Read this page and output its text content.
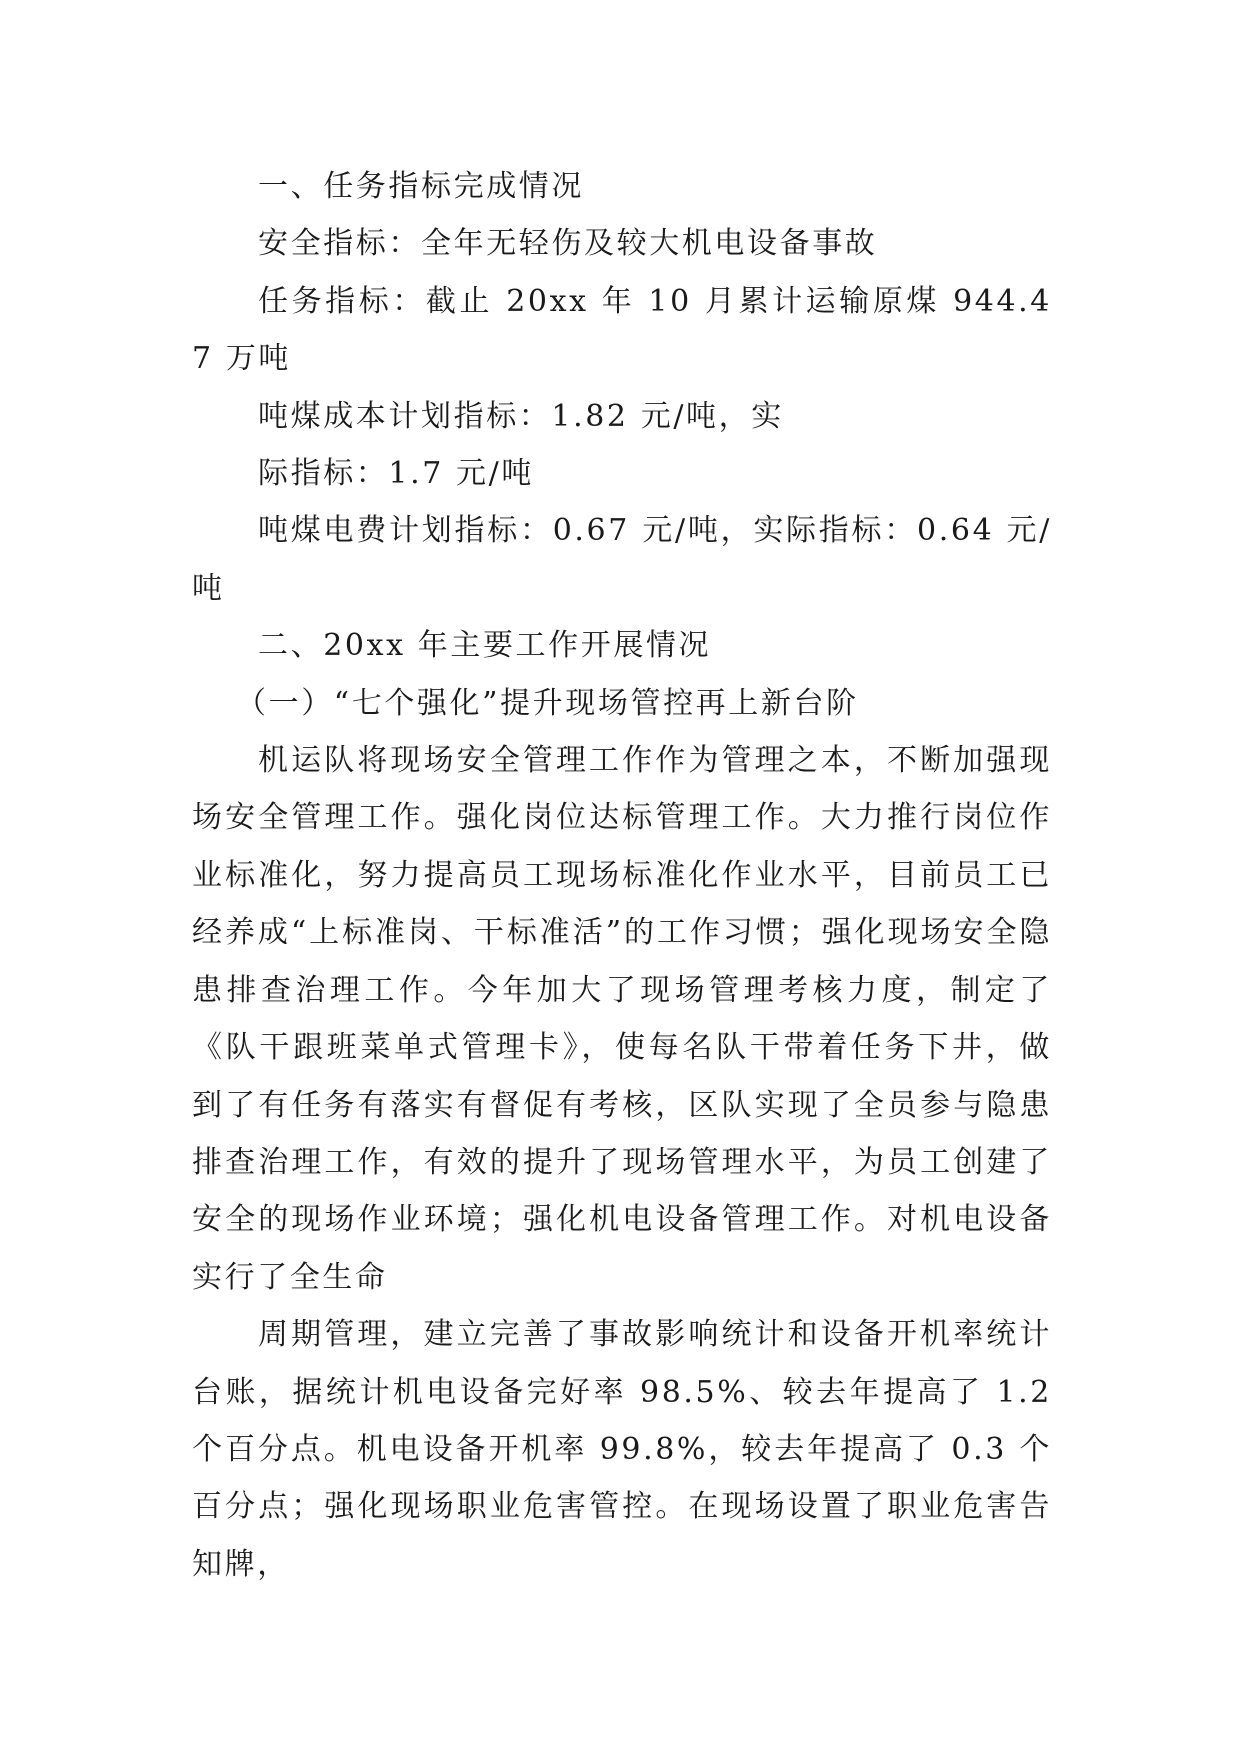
一、任务指标完成情况

安全指标：全年无轻伤及较大机电设备事故

任务指标：截止 20xx 年 10 月累计运输原煤 944.47 万吨

吨煤成本计划指标：1.82 元/吨，实

际指标：1.7 元/吨

吨煤电费计划指标：0.67 元/吨，实际指标：0.64 元/吨

二、20xx 年主要工作开展情况

（一）“七个强化”提升现场管控再上新台阶

机运队将现场安全管理工作作为管理之本，不断加强现场安全管理工作。强化岗位达标管理工作。大力推行岗位作业标准化，努力提高员工现场标准化作业水平，目前员工已经养成“上标准岗、干标准活”的工作习惯；强化现场安全隐患排查治理工作。今年加大了现场管理考核力度，制定了《队干跟班菜单式管理卡》，使每名队干带着任务下井，做到了有任务有落实有督促有考核，区队实现了全员参与隐患排查治理工作，有效的提升了现场管理水平，为员工创建了安全的现场作业环境；强化机电设备管理工作。对机电设备实行了全生命

周期管理，建立完善了事故影响统计和设备开机率统计台账，据统计机电设备完好率 98.5%、较去年提高了 1.2 个百分点。机电设备开机率 99.8%，较去年提高了 0.3 个百分点；强化现场职业危害管控。在现场设置了职业危害告知牌，
